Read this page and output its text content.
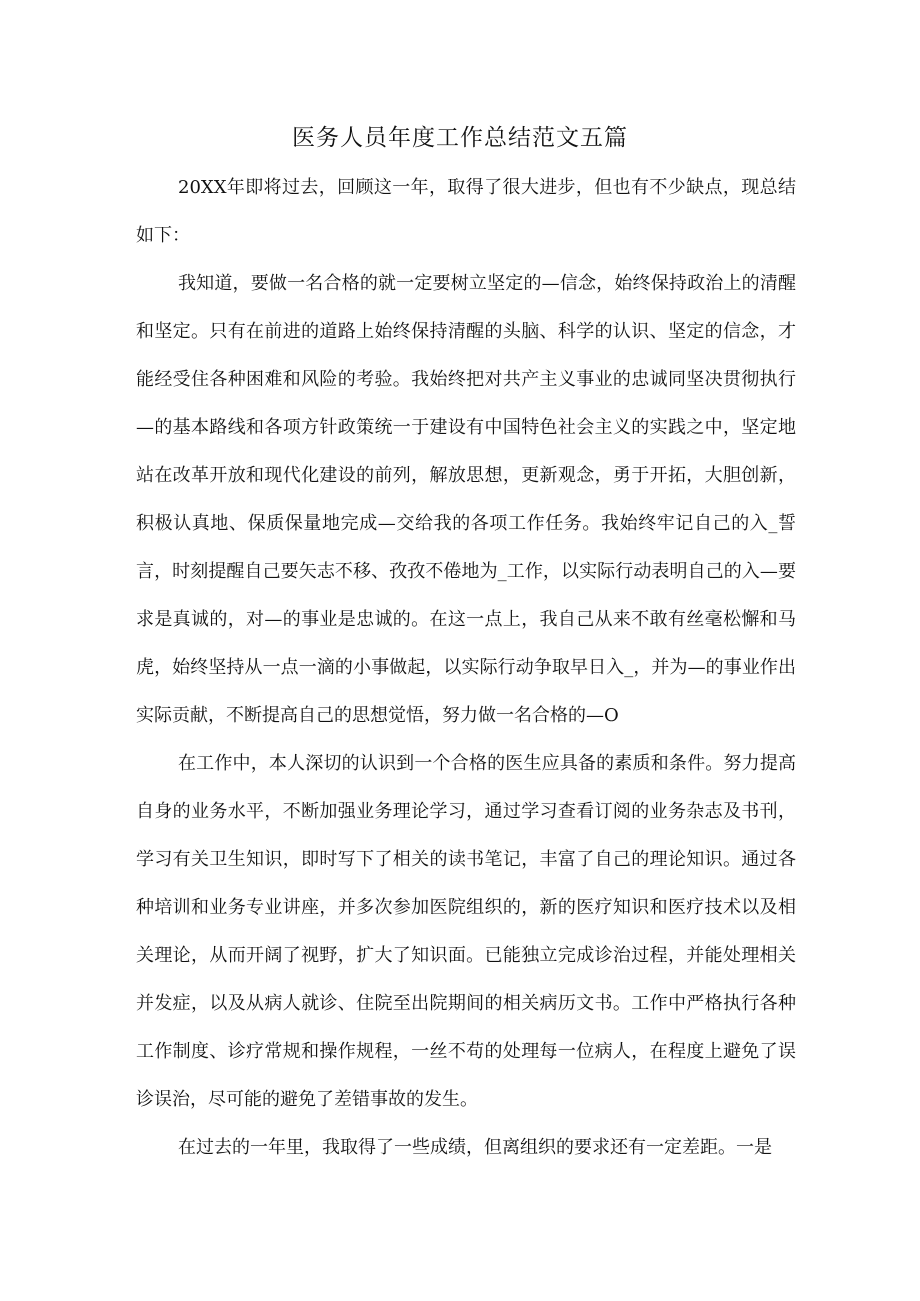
医务人员年度工作总结范文五篇

20XX年即将过去，回顾这一年，取得了很大进步，但也有不少缺点，现总结如下：

我知道，要做一名合格的就一定要树立坚定的—信念，始终保持政治上的清醒和坚定。只有在前进的道路上始终保持清醒的头脑、科学的认识、坚定的信念，才能经受住各种困难和风险的考验。我始终把对共产主义事业的忠诚同坚决贯彻执行—的基本路线和各项方针政策统一于建设有中国特色社会主义的实践之中，坚定地站在改革开放和现代化建设的前列，解放思想，更新观念，勇于开拓，大胆创新，积极认真地、保质保量地完成—交给我的各项工作任务。我始终牢记自己的入_誓言，时刻提醒自己要矢志不移、孜孜不倦地为_工作，以实际行动表明自己的入—要求是真诚的，对—的事业是忠诚的。在这一点上，我自己从来不敢有丝毫松懈和马虎，始终坚持从一点一滴的小事做起，以实际行动争取早日入_，并为—的事业作出实际贡献，不断提高自己的思想觉悟，努力做一名合格的—O

在工作中，本人深切的认识到一个合格的医生应具备的素质和条件。努力提高自身的业务水平，不断加强业务理论学习，通过学习查看订阅的业务杂志及书刊，学习有关卫生知识，即时写下了相关的读书笔记，丰富了自己的理论知识。通过各种培训和业务专业讲座，并多次参加医院组织的，新的医疗知识和医疗技术以及相关理论，从而开阔了视野，扩大了知识面。已能独立完成诊治过程，并能处理相关并发症，以及从病人就诊、住院至出院期间的相关病历文书。工作中严格执行各种工作制度、诊疗常规和操作规程，一丝不苟的处理每一位病人，在程度上避免了误诊误治，尽可能的避免了差错事故的发生。

在过去的一年里，我取得了一些成绩，但离组织的要求还有一定差距。一是
